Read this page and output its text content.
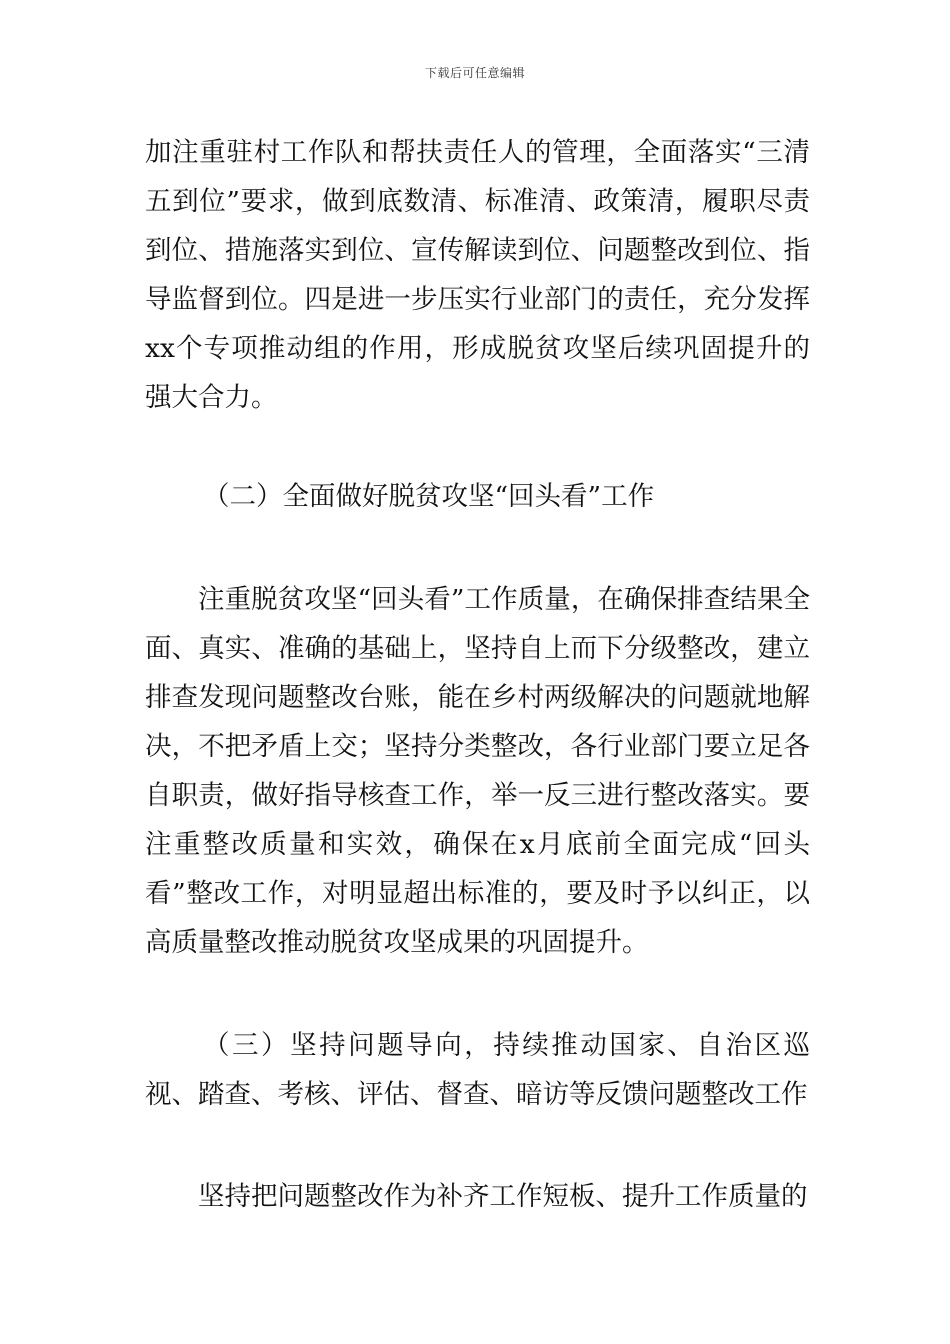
下载后可任意编辑

加注重驻村工作队和帮扶责任人的管理，全面落实“三清五到位”要求，做到底数清、标准清、政策清，履职尽责到位、措施落实到位、宣传解读到位、问题整改到位、指导监督到位。四是进一步压实行业部门的责任，充分发挥xx个专项推动组的作用，形成脱贫攻坚后续巩固提升的强大合力。

（二）全面做好脱贫攻坚“回头看”工作

注重脱贫攻坚“回头看”工作质量，在确保排查结果全面、真实、准确的基础上，坚持自上而下分级整改，建立排查发现问题整改台账，能在乡村两级解决的问题就地解决，不把矛盾上交；坚持分类整改，各行业部门要立足各自职责，做好指导核查工作，举一反三进行整改落实。要注重整改质量和实效，确保在x月底前全面完成“回头看”整改工作，对明显超出标准的，要及时予以纠正，以高质量整改推动脱贫攻坚成果的巩固提升。

（三）坚持问题导向，持续推动国家、自治区巡视、踏查、考核、评估、督查、暗访等反馈问题整改工作

坚持把问题整改作为补齐工作短板、提升工作质量的
